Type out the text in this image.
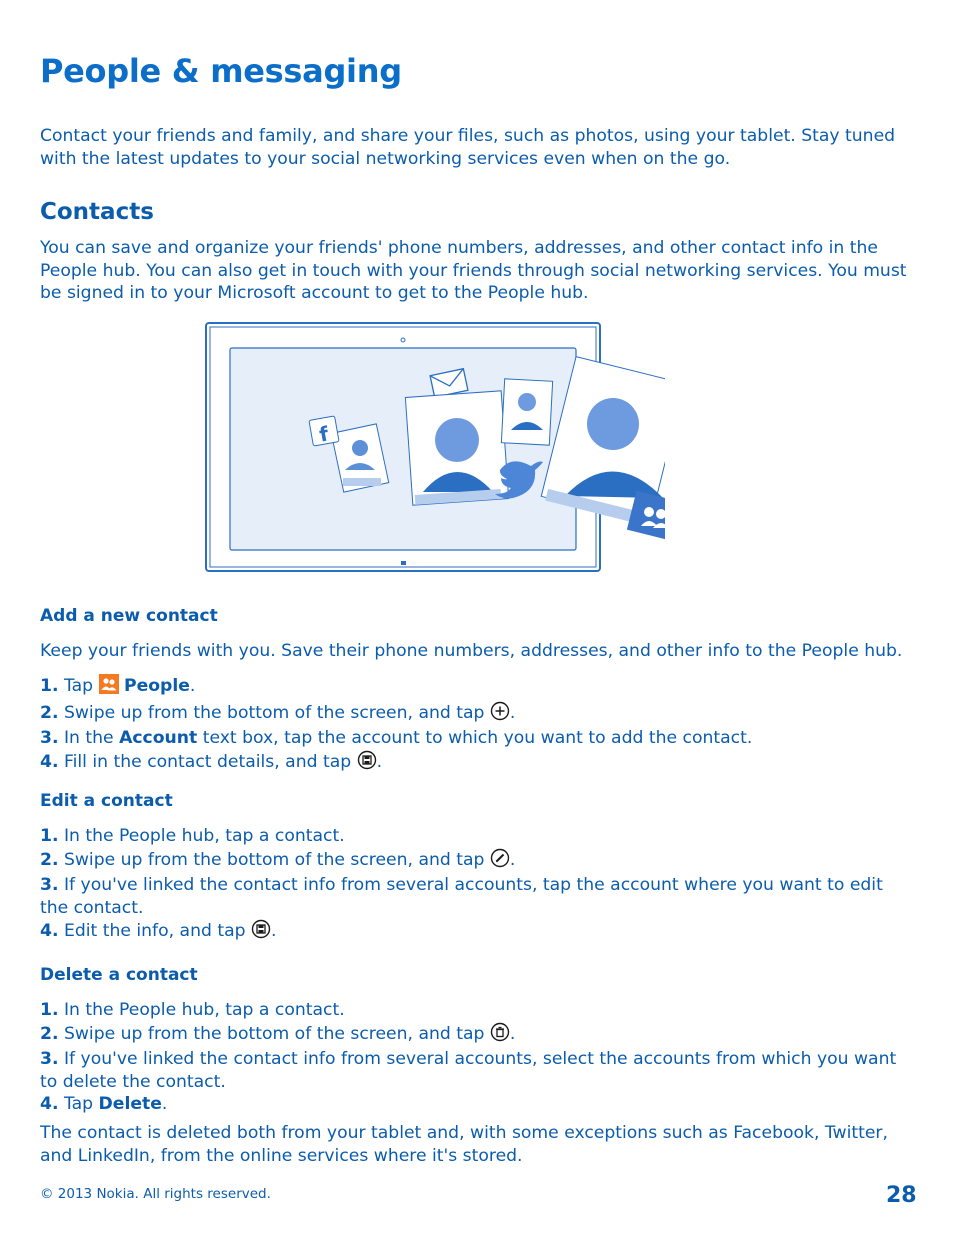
People & messaging

Contact your friends and family, and share your files, such as photos, using your tablet. Stay tuned with the latest updates to your social networking services even when on the go.

Contacts

You can save and organize your friends' phone numbers, addresses, and other contact info in the People hub. You can also get in touch with your friends through social networking services. You must be signed in to your Microsoft account to get to the People hub.

f
Add a new contact

Keep your friends with you. Save their phone numbers, addresses, and other info to the People hub.

1. Tap  People.

2. Swipe up from the bottom of the screen, and tap .

3. In the Account text box, tap the account to which you want to add the contact.

4. Fill in the contact details, and tap .

Edit a contact

1. In the People hub, tap a contact.

2. Swipe up from the bottom of the screen, and tap .

3. If you've linked the contact info from several accounts, tap the account where you want to edit the contact.

4. Edit the info, and tap .

Delete a contact

1. In the People hub, tap a contact.

2. Swipe up from the bottom of the screen, and tap .

3. If you've linked the contact info from several accounts, select the accounts from which you want to delete the contact.

4. Tap Delete.

The contact is deleted both from your tablet and, with some exceptions such as Facebook, Twitter, and LinkedIn, from the online services where it's stored.

© 2013 Nokia. All rights reserved.	28
